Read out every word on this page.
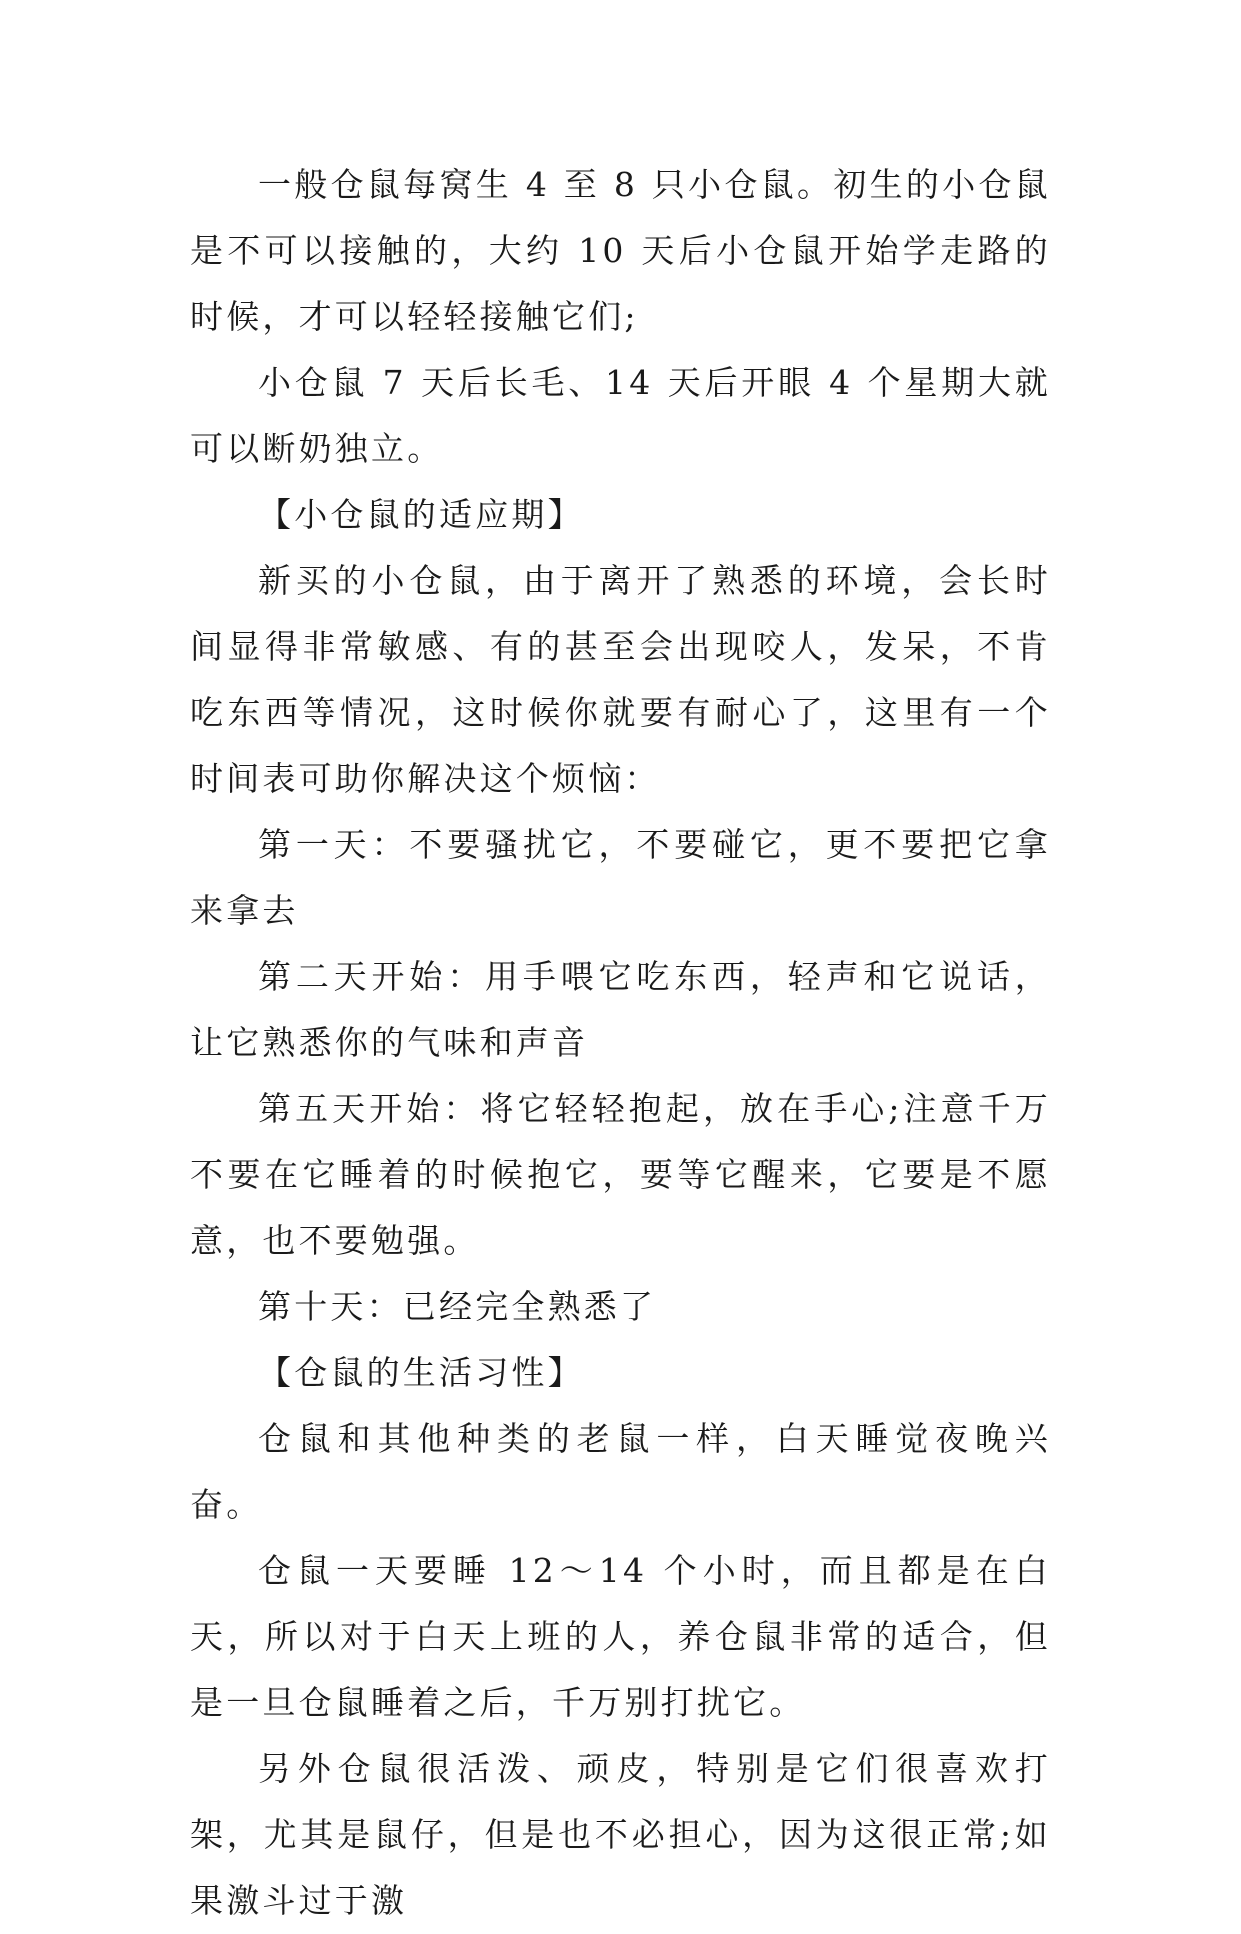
一般仓鼠每窝生 4 至 8 只小仓鼠。初生的小仓鼠是不可以接触的，大约 10 天后小仓鼠开始学走路的时候，才可以轻轻接触它们;

小仓鼠 7 天后长毛、14 天后开眼 4 个星期大就可以断奶独立。

【小仓鼠的适应期】

新买的小仓鼠，由于离开了熟悉的环境，会长时间显得非常敏感、有的甚至会出现咬人，发呆，不肯吃东西等情况，这时候你就要有耐心了，这里有一个时间表可助你解决这个烦恼：

第一天：不要骚扰它，不要碰它，更不要把它拿来拿去

第二天开始：用手喂它吃东西，轻声和它说话，让它熟悉你的气味和声音

第五天开始：将它轻轻抱起，放在手心;注意千万不要在它睡着的时候抱它，要等它醒来，它要是不愿意，也不要勉强。

第十天：已经完全熟悉了

【仓鼠的生活习性】

仓鼠和其他种类的老鼠一样，白天睡觉夜晚兴奋。

仓鼠一天要睡 12～14 个小时，而且都是在白天，所以对于白天上班的人，养仓鼠非常的适合，但是一旦仓鼠睡着之后，千万别打扰它。

另外仓鼠很活泼、顽皮，特别是它们很喜欢打架，尤其是鼠仔，但是也不必担心，因为这很正常;如果激斗过于激
